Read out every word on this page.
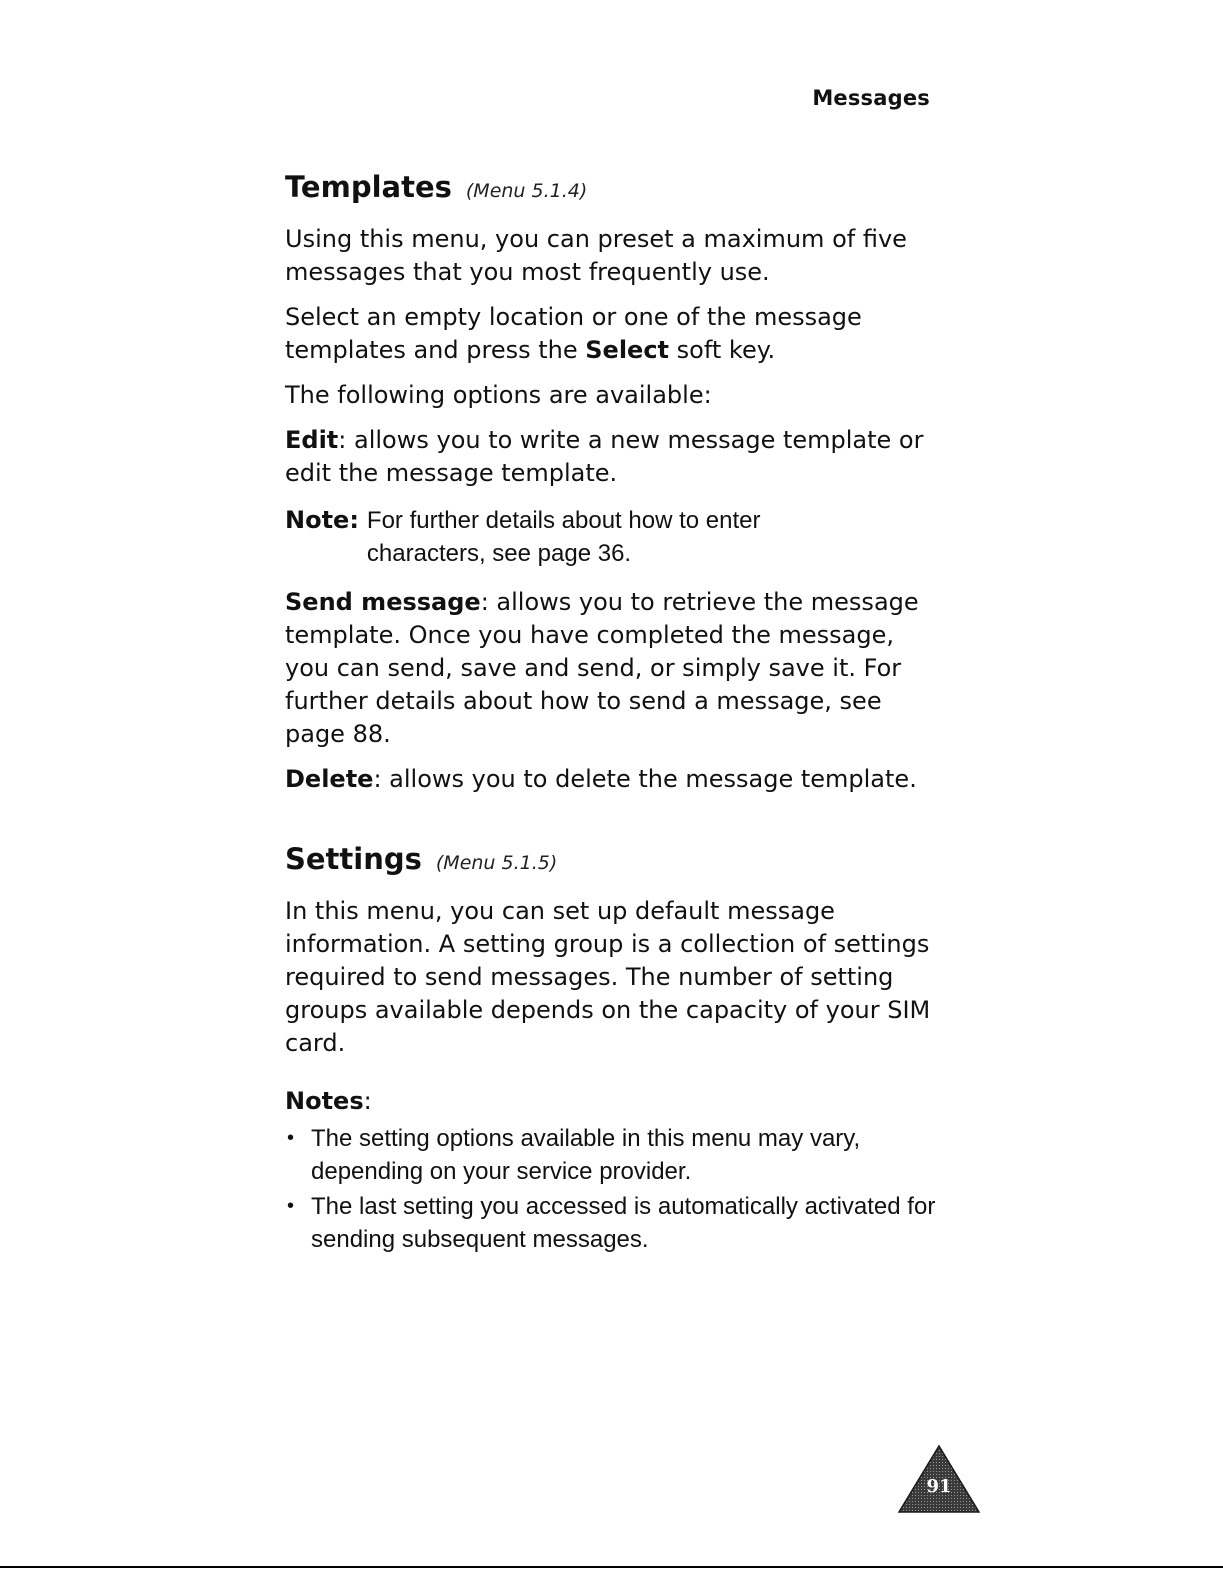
Messages
Templates (Menu 5.1.4)

Using this menu, you can preset a maximum of five messages that you most frequently use.

Select an empty location or one of the message templates and press the Select soft key.

The following options are available:

Edit: allows you to write a new message template or edit the message template.

Note: For further details about how to enter characters, see page 36.

Send message: allows you to retrieve the message template. Once you have completed the message, you can send, save and send, or simply save it. For further details about how to send a message, see page 88.

Delete: allows you to delete the message template.

Settings (Menu 5.1.5)

In this menu, you can set up default message information. A setting group is a collection of settings required to send messages. The number of setting groups available depends on the capacity of your SIM card.

Notes:
• The setting options available in this menu may vary, depending on your service provider.
• The last setting you accessed is automatically activated for sending subsequent messages.
91
